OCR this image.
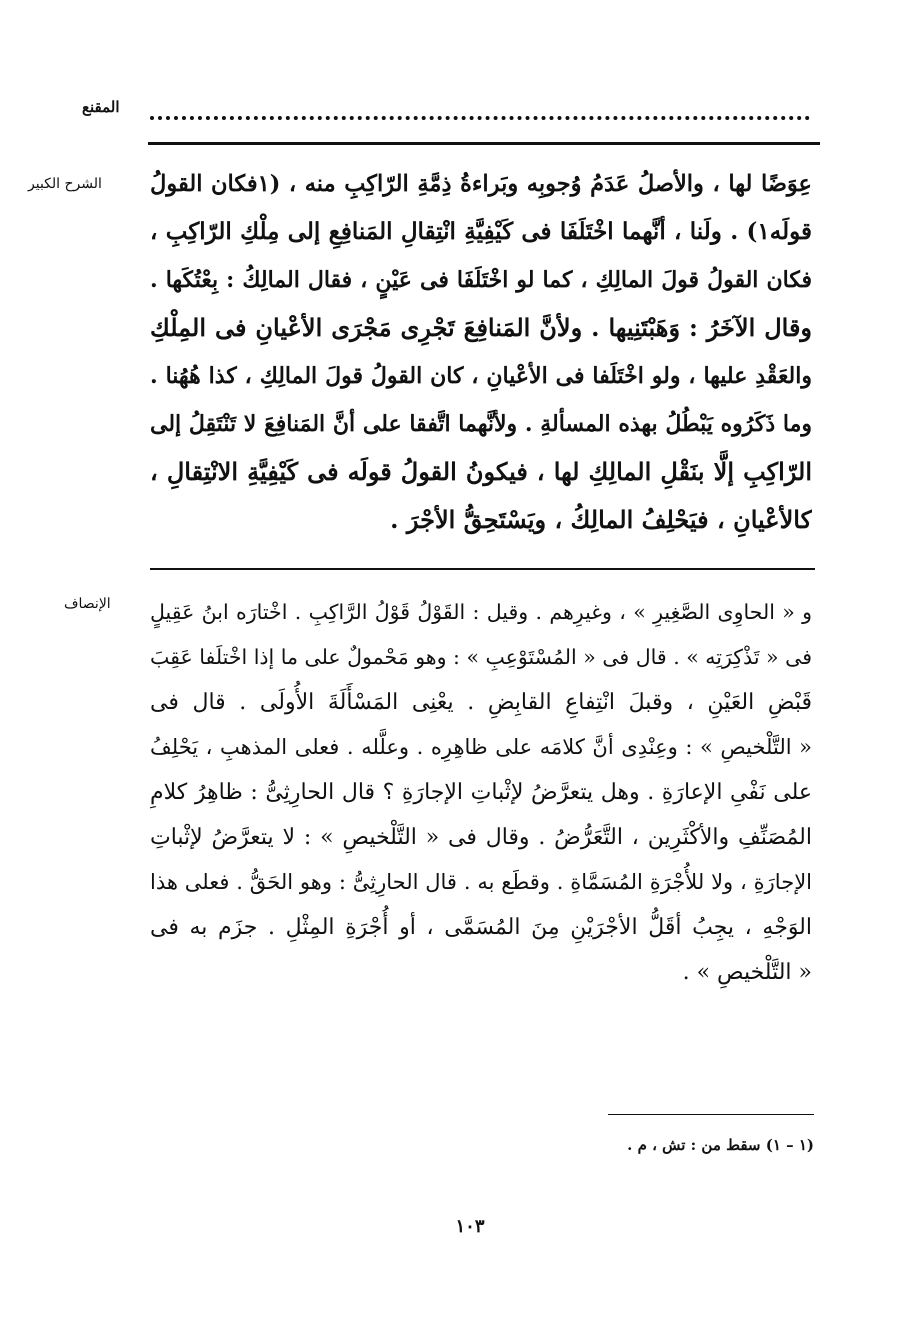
المقنع
الشرح الكبير عِوَضًا لها ، والأصلُ عَدَمُ وُجوبِه وبَراءةُ ذِمَّةِ الرّاكِبِ منه ، (١فكان القولُ
قولَه١) . ولَنا ، أنَّهما اخْتَلَفَا فى كَيْفِيَّةِ انْتِقالِ المَنافِعِ إلى مِلْكِ الرّاكِبِ ،
فكان القولُ قولَ المالِكِ ، كما لو اخْتَلَفَا فى عَيْنٍ ، فقال المالِكُ : بِعْتُكَها .
وقال الآخَرُ : وَهَبْتَنِيها . ولأنَّ المَنافِعَ تَجْرِى مَجْرَى الأعْيانِ فى المِلْكِ
والعَقْدِ عليها ، ولو اخْتَلَفا فى الأعْيانِ ، كان القولُ قولَ المالِكِ ، كذا هُهُنا .
وما ذَكَرُوه يَبْطُلُ بهذه المسألةِ . ولأنَّهما اتَّفقا على أنَّ المَنافِعَ لا تَنْتَقِلُ إلى
الرّاكِبِ إلَّا بنَقْلِ المالِكِ لها ، فيكونُ القولُ قولَه فى كَيْفِيَّةِ الانْتِقالِ ،
كالأعْيانِ ، فيَحْلِفُ المالِكُ ، ويَسْتَحِقُّ الأجْرَ .
الإنصاف و « الحاوِى الصَّغِيرِ » ، وغيرِهم . وقيل : القَوْلُ قَوْلُ الرَّاكِبِ . اخْتارَه ابنُ عَقِيلٍ
فى « تَذْكِرَتِه » . قال فى « المُسْتَوْعِبِ » : وهو مَحْمولٌ على ما إذا اخْتلَفا عَقِبَ
قَبْضِ العَيْنِ ، وقبلَ انْتِفاعِ القابِضِ . يعْنِى المَسْأَلَةَ الأُولَى . قال فى
« التَّلْخيصِ » : وعِنْدِى أنَّ كلامَه على ظاهِرِه . وعلَّله . فعلى المذهبِ ، يَحْلِفُ
على نَفْىِ الإعارَةِ . وهل يتعرَّضُ لإثْباتِ الإجارَةِ ؟ قال الحارِثِىُّ : ظاهِرُ كلامِ
المُصَنِّفِ والأكْثَرِين ، التَّعَرُّضُ . وقال فى « التَّلْخيصِ » : لا يتعرَّضُ لإثْباتِ
الإجارَةِ ، ولا للأُجْرَةِ المُسَمَّاةِ . وقطَع به . قال الحارِثِىُّ : وهو الحَقُّ . فعلى هذا
الوَجْهِ ، يجِبُ أقَلُّ الأجْرَيْنِ مِنَ المُسَمَّى ، أو أُجْرَةِ المِثْلِ . جزَم به فى
« التَّلْخيصِ » .
(١ – ١) سقط من : تش ، م .
١٠٣
